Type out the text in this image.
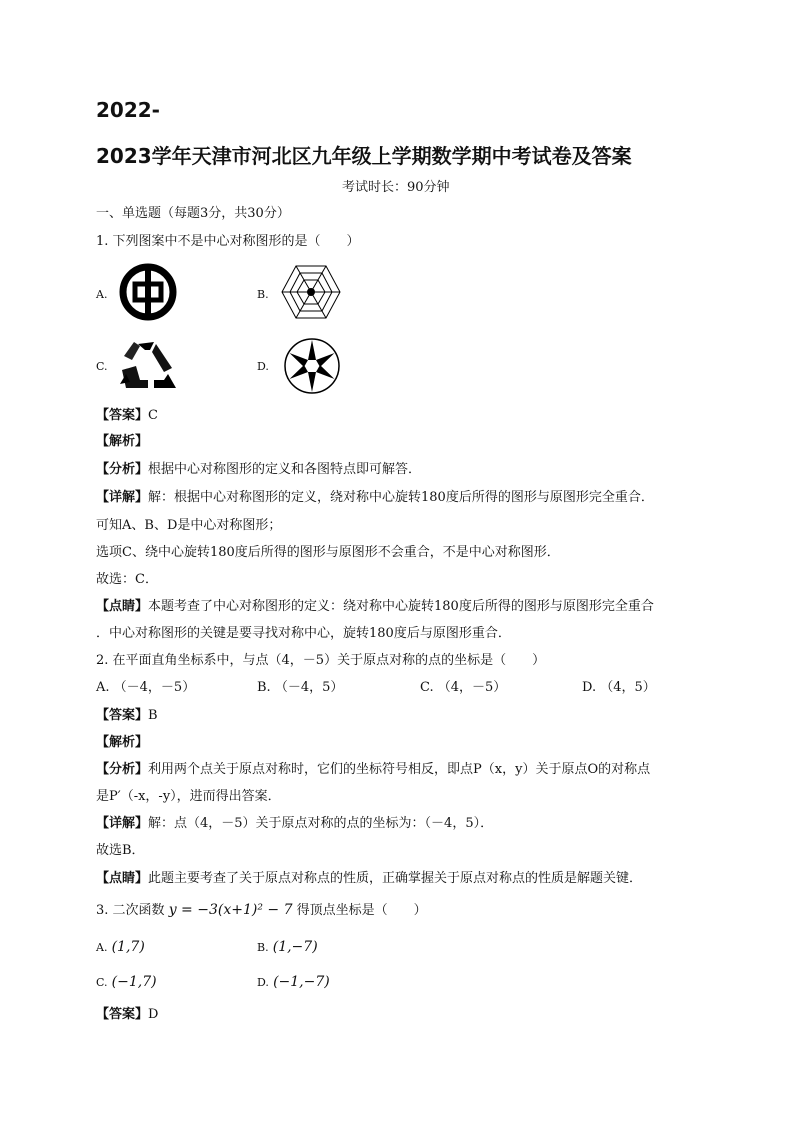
2022-
2023学年天津市河北区九年级上学期数学期中考试卷及答案
考试时长：90分钟
一、单选题（每题3分，共30分）
1. 下列图案中不是中心对称图形的是（　　）
A.	B.
C.	D.
【答案】C
【解析】
【分析】根据中心对称图形的定义和各图特点即可解答．
【详解】解：根据中心对称图形的定义，绕对称中心旋转180度后所得的图形与原图形完全重合．
可知A、B、D是中心对称图形；
选项C、绕中心旋转180度后所得的图形与原图形不会重合，不是中心对称图形．
故选：C．
【点睛】本题考查了中心对称图形的定义：绕对称中心旋转180度后所得的图形与原图形完全重合
．中心对称图形的关键是要寻找对称中心，旋转180度后与原图形重合．
2. 在平面直角坐标系中，与点（4，－5）关于原点对称的点的坐标是（　　）
A. （－4，－5）	B. （－4，5）	C. （4，－5）	D. （4，5）
【答案】B
【解析】
【分析】利用两个点关于原点对称时，它们的坐标符号相反，即点P（x，y）关于原点O的对称点
是P′（-x，-y），进而得出答案．
【详解】解：点（4，－5）关于原点对称的点的坐标为：（－4，5）．
故选B．
【点睛】此题主要考查了关于原点对称点的性质，正确掌握关于原点对称点的性质是解题关键．
3. 二次函数 y = −3(x+1)² − 7 得顶点坐标是（　　）
A. (1,7)	B. (1,−7)
C. (−1,7)	D. (−1,−7)
【答案】D
